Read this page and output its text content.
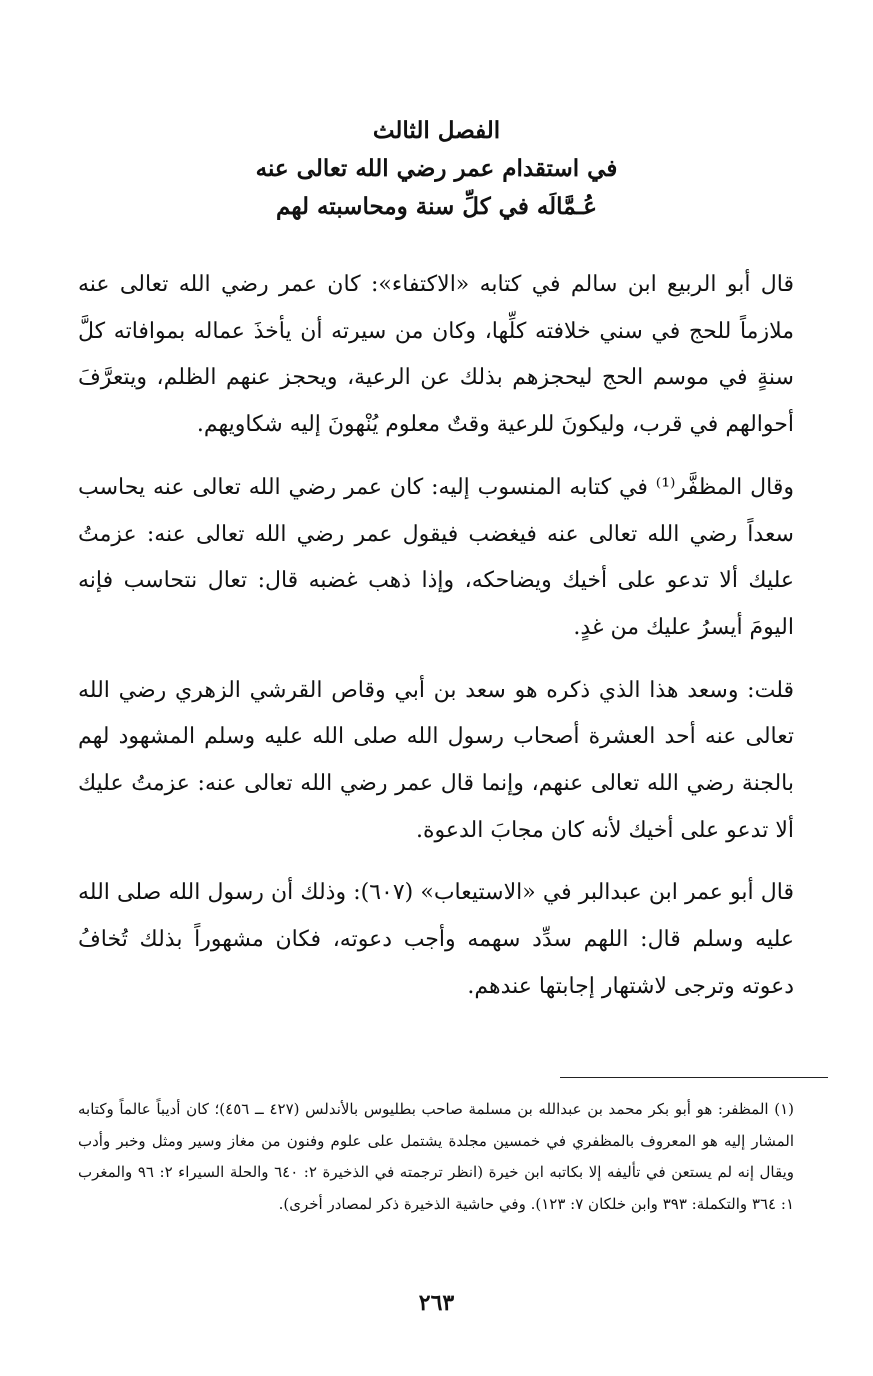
الفصل الثالث
في استقدام عمر رضي الله تعالى عنه
عُـمَّالَه في كلِّ سنة ومحاسبته لهم

قال أبو الربيع ابن سالم في كتابه «الاكتفاء»: كان عمر رضي الله تعالى عنه ملازماً للحج في سني خلافته كلِّها، وكان من سيرته أن يأخذَ عماله بموافاته كلَّ سنةٍ في موسم الحج ليحجزهم بذلك عن الرعية، ويحجز عنهم الظلم، ويتعرَّفَ أحوالهم في قرب، وليكونَ للرعية وقتٌ معلوم يُنْهونَ إليه شكاويهم.

وقال المظفَّر⁽¹⁾ في كتابه المنسوب إليه: كان عمر رضي الله تعالى عنه يحاسب سعداً رضي الله تعالى عنه فيغضب فيقول عمر رضي الله تعالى عنه: عزمتُ عليك ألا تدعو على أخيك ويضاحكه، وإذا ذهب غضبه قال: تعال نتحاسب فإنه اليومَ أيسرُ عليك من غدٍ.

قلت: وسعد هذا الذي ذكره هو سعد بن أبي وقاص القرشي الزهري رضي الله تعالى عنه أحد العشرة أصحاب رسول الله صلى الله عليه وسلم المشهود لهم بالجنة رضي الله تعالى عنهم، وإنما قال عمر رضي الله تعالى عنه: عزمتُ عليك ألا تدعو على أخيك لأنه كان مجابَ الدعوة.

قال أبو عمر ابن عبدالبر في «الاستيعاب» (٦٠٧): وذلك أن رسول الله صلى الله عليه وسلم قال: اللهم سدِّد سهمه وأجب دعوته، فكان مشهوراً بذلك تُخافُ دعوته وترجى لاشتهار إجابتها عندهم.

(١) المظفر: هو أبو بكر محمد بن عبدالله بن مسلمة صاحب بطليوس بالأندلس (٤٢٧ ــ ٤٥٦)؛ كان أديباً عالماً وكتابه المشار إليه هو المعروف بالمظفري في خمسين مجلدة يشتمل على علوم وفنون من مغاز وسير ومثل وخبر وأدب ويقال إنه لم يستعن في تأليفه إلا بكاتبه ابن خيرة (انظر ترجمته في الذخيرة ٢: ٦٤٠ والحلة السيراء ٢: ٩٦ والمغرب ١: ٣٦٤ والتكملة: ٣٩٣ وابن خلكان ٧: ١٢٣). وفي حاشية الذخيرة ذكر لمصادر أخرى).
٢٦٣
